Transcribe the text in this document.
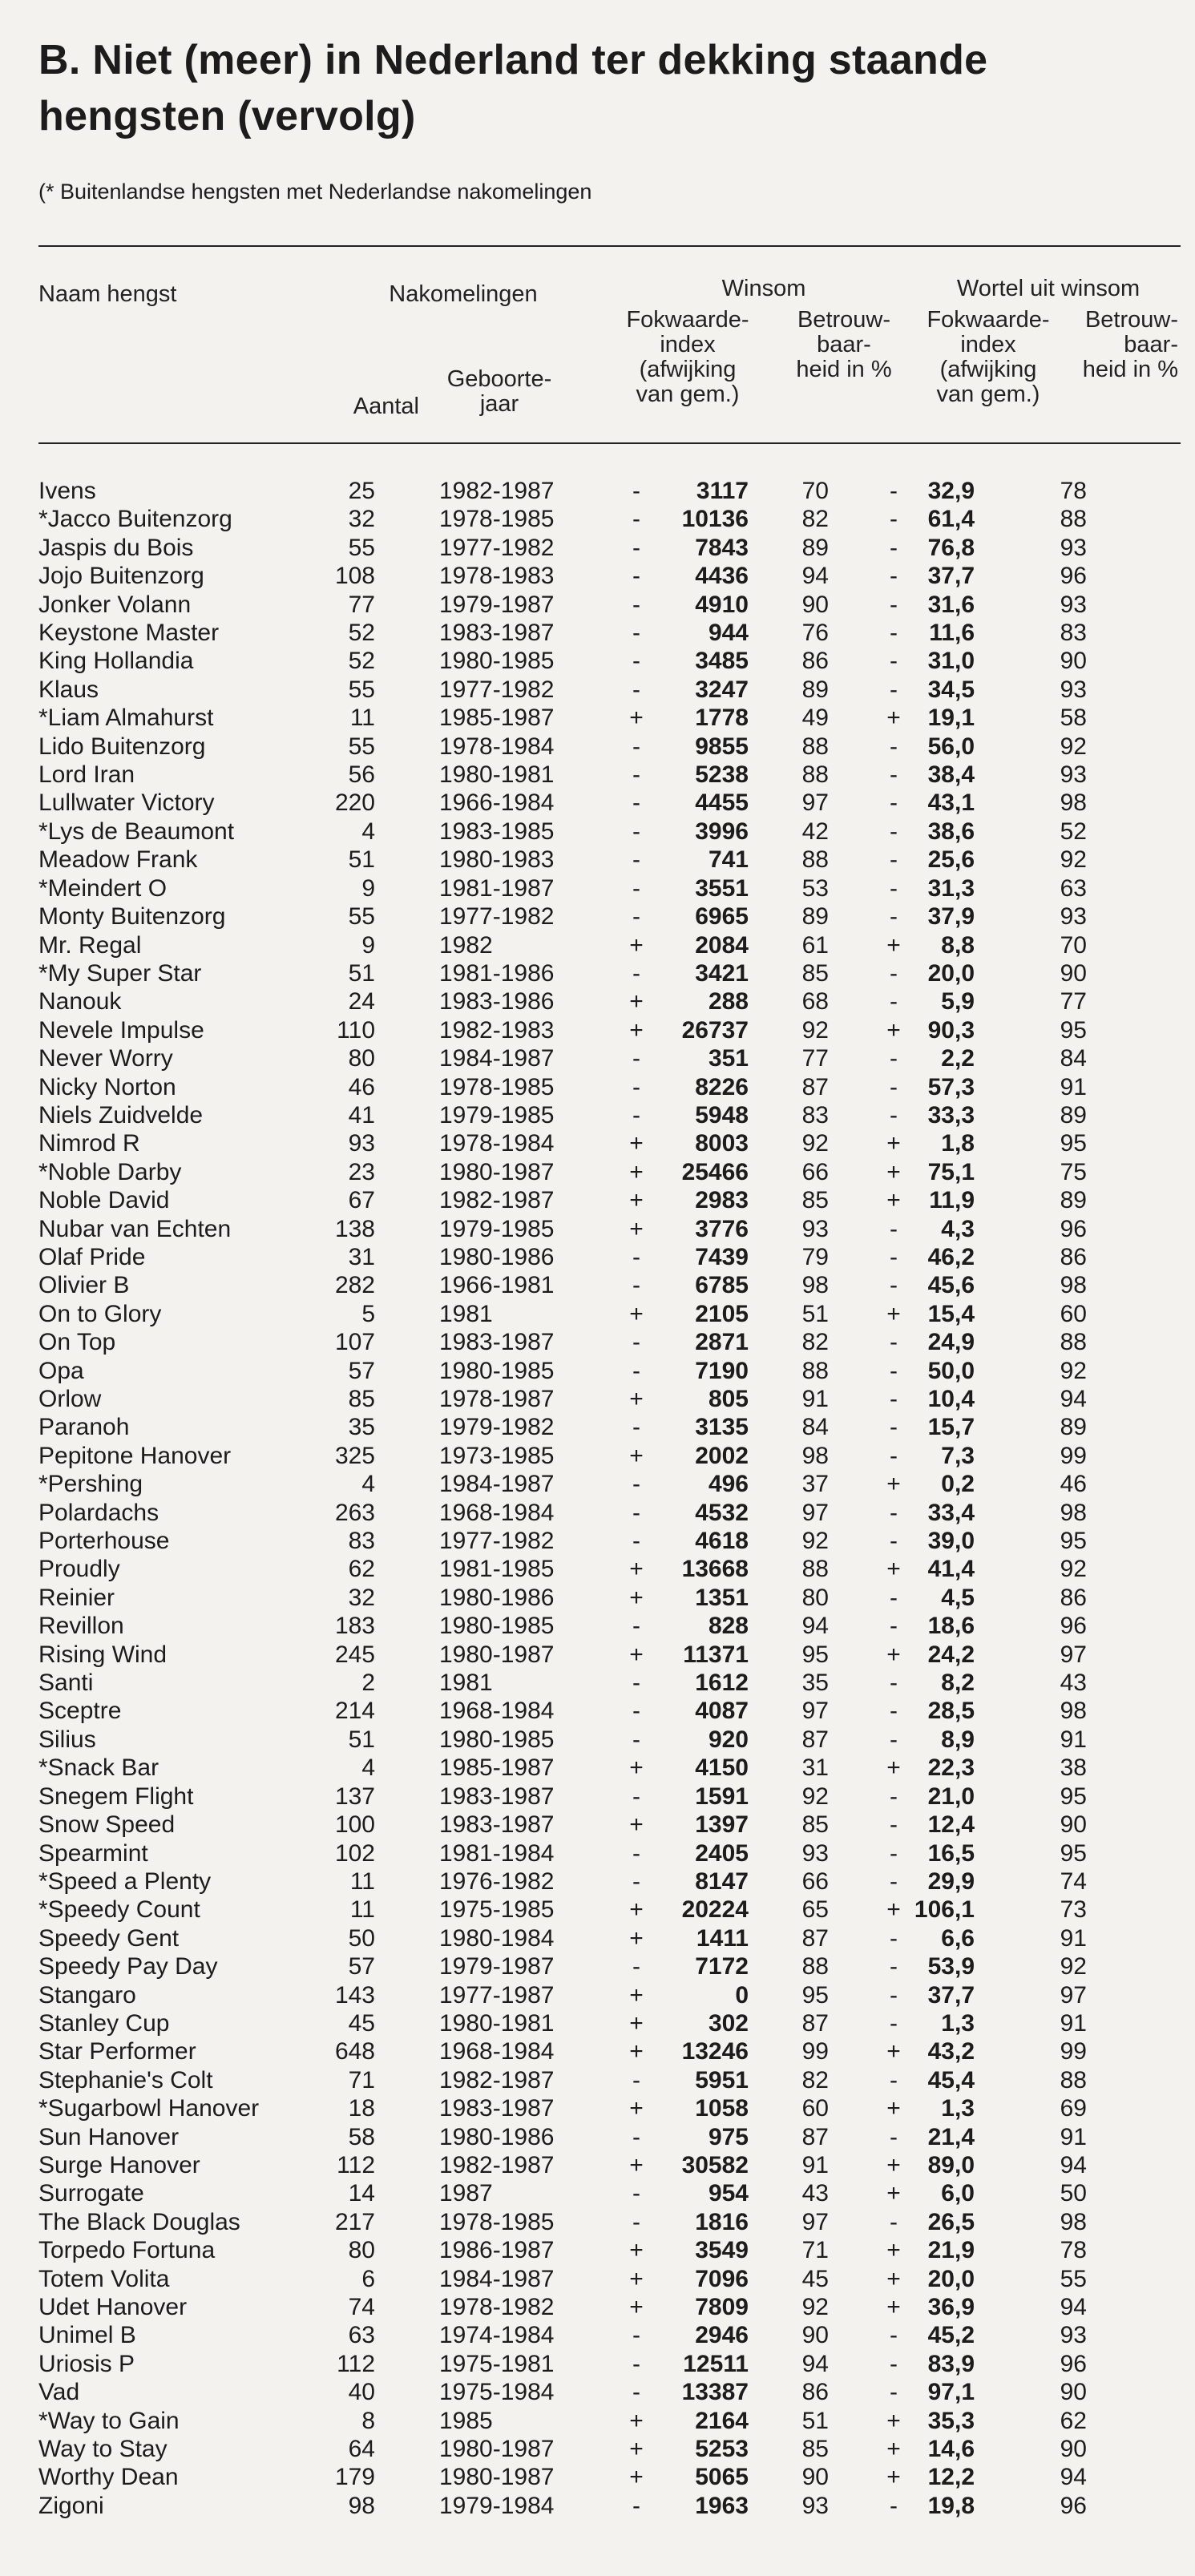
B. Niet (meer) in Nederland ter dekking staande hengsten (vervolg)
(* Buitenlandse hengsten met Nederlandse nakomelingen
Naam hengst	Nakomelingen
Aantal
Geboorte-
jaar
Winsom
Fokwaarde-
index
(afwijking
van gem.)
Betrouw-
baar-
heid in %
Wortel uit winsom
Fokwaarde-
index
(afwijking
van gem.)
Betrouw-
baar-
heid in %
Ivens	25	1982-1987	-	3117	70	-	32,9	78
*Jacco Buitenzorg	32	1978-1985	-	10136	82	-	61,4	88
Jaspis du Bois	55	1977-1982	-	7843	89	-	76,8	93
Jojo Buitenzorg	108	1978-1983	-	4436	94	-	37,7	96
Jonker Volann	77	1979-1987	-	4910	90	-	31,6	93
Keystone Master	52	1983-1987	-	944	76	-	11,6	83
King Hollandia	52	1980-1985	-	3485	86	-	31,0	90
Klaus	55	1977-1982	-	3247	89	-	34,5	93
*Liam Almahurst	11	1985-1987	+	1778	49	+	19,1	58
Lido Buitenzorg	55	1978-1984	-	9855	88	-	56,0	92
Lord Iran	56	1980-1981	-	5238	88	-	38,4	93
Lullwater Victory	220	1966-1984	-	4455	97	-	43,1	98
*Lys de Beaumont	4	1983-1985	-	3996	42	-	38,6	52
Meadow Frank	51	1980-1983	-	741	88	-	25,6	92
*Meindert O	9	1981-1987	-	3551	53	-	31,3	63
Monty Buitenzorg	55	1977-1982	-	6965	89	-	37,9	93
Mr. Regal	9	1982	+	2084	61	+	8,8	70
*My Super Star	51	1981-1986	-	3421	85	-	20,0	90
Nanouk	24	1983-1986	+	288	68	-	5,9	77
Nevele Impulse	110	1982-1983	+	26737	92	+	90,3	95
Never Worry	80	1984-1987	-	351	77	-	2,2	84
Nicky Norton	46	1978-1985	-	8226	87	-	57,3	91
Niels Zuidvelde	41	1979-1985	-	5948	83	-	33,3	89
Nimrod R	93	1978-1984	+	8003	92	+	1,8	95
*Noble Darby	23	1980-1987	+	25466	66	+	75,1	75
Noble David	67	1982-1987	+	2983	85	+	11,9	89
Nubar van Echten	138	1979-1985	+	3776	93	-	4,3	96
Olaf Pride	31	1980-1986	-	7439	79	-	46,2	86
Olivier B	282	1966-1981	-	6785	98	-	45,6	98
On to Glory	5	1981	+	2105	51	+	15,4	60
On Top	107	1983-1987	-	2871	82	-	24,9	88
Opa	57	1980-1985	-	7190	88	-	50,0	92
Orlow	85	1978-1987	+	805	91	-	10,4	94
Paranoh	35	1979-1982	-	3135	84	-	15,7	89
Pepitone Hanover	325	1973-1985	+	2002	98	-	7,3	99
*Pershing	4	1984-1987	-	496	37	+	0,2	46
Polardachs	263	1968-1984	-	4532	97	-	33,4	98
Porterhouse	83	1977-1982	-	4618	92	-	39,0	95
Proudly	62	1981-1985	+	13668	88	+	41,4	92
Reinier	32	1980-1986	+	1351	80	-	4,5	86
Revillon	183	1980-1985	-	828	94	-	18,6	96
Rising Wind	245	1980-1987	+	11371	95	+	24,2	97
Santi	2	1981	-	1612	35	-	8,2	43
Sceptre	214	1968-1984	-	4087	97	-	28,5	98
Silius	51	1980-1985	-	920	87	-	8,9	91
*Snack Bar	4	1985-1987	+	4150	31	+	22,3	38
Snegem Flight	137	1983-1987	-	1591	92	-	21,0	95
Snow Speed	100	1983-1987	+	1397	85	-	12,4	90
Spearmint	102	1981-1984	-	2405	93	-	16,5	95
*Speed a Plenty	11	1976-1982	-	8147	66	-	29,9	74
*Speedy Count	11	1975-1985	+	20224	65	+	106,1	73
Speedy Gent	50	1980-1984	+	1411	87	-	6,6	91
Speedy Pay Day	57	1979-1987	-	7172	88	-	53,9	92
Stangaro	143	1977-1987	+	0	95	-	37,7	97
Stanley Cup	45	1980-1981	+	302	87	-	1,3	91
Star Performer	648	1968-1984	+	13246	99	+	43,2	99
Stephanie's Colt	71	1982-1987	-	5951	82	-	45,4	88
*Sugarbowl Hanover	18	1983-1987	+	1058	60	+	1,3	69
Sun Hanover	58	1980-1986	-	975	87	-	21,4	91
Surge Hanover	112	1982-1987	+	30582	91	+	89,0	94
Surrogate	14	1987	-	954	43	+	6,0	50
The Black Douglas	217	1978-1985	-	1816	97	-	26,5	98
Torpedo Fortuna	80	1986-1987	+	3549	71	+	21,9	78
Totem Volita	6	1984-1987	+	7096	45	+	20,0	55
Udet Hanover	74	1978-1982	+	7809	92	+	36,9	94
Unimel B	63	1974-1984	-	2946	90	-	45,2	93
Uriosis P	112	1975-1981	-	12511	94	-	83,9	96
Vad	40	1975-1984	-	13387	86	-	97,1	90
*Way to Gain	8	1985	+	2164	51	+	35,3	62
Way to Stay	64	1980-1987	+	5253	85	+	14,6	90
Worthy Dean	179	1980-1987	+	5065	90	+	12,2	94
Zigoni	98	1979-1984	-	1963	93	-	19,8	96
